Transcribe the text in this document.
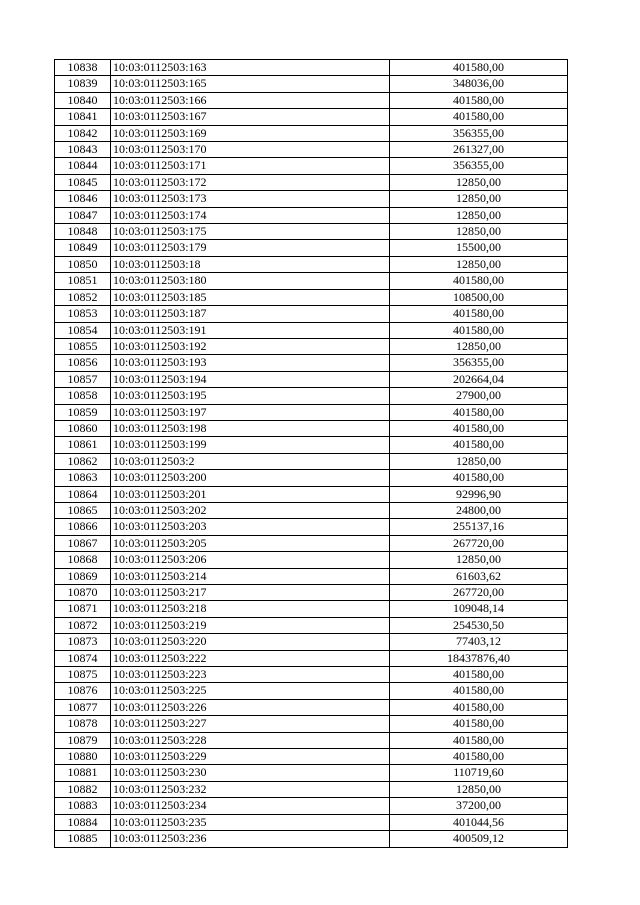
10838	10:03:0112503:163	401580,00
10839	10:03:0112503:165	348036,00
10840	10:03:0112503:166	401580,00
10841	10:03:0112503:167	401580,00
10842	10:03:0112503:169	356355,00
10843	10:03:0112503:170	261327,00
10844	10:03:0112503:171	356355,00
10845	10:03:0112503:172	12850,00
10846	10:03:0112503:173	12850,00
10847	10:03:0112503:174	12850,00
10848	10:03:0112503:175	12850,00
10849	10:03:0112503:179	15500,00
10850	10:03:0112503:18	12850,00
10851	10:03:0112503:180	401580,00
10852	10:03:0112503:185	108500,00
10853	10:03:0112503:187	401580,00
10854	10:03:0112503:191	401580,00
10855	10:03:0112503:192	12850,00
10856	10:03:0112503:193	356355,00
10857	10:03:0112503:194	202664,04
10858	10:03:0112503:195	27900,00
10859	10:03:0112503:197	401580,00
10860	10:03:0112503:198	401580,00
10861	10:03:0112503:199	401580,00
10862	10:03:0112503:2	12850,00
10863	10:03:0112503:200	401580,00
10864	10:03:0112503:201	92996,90
10865	10:03:0112503:202	24800,00
10866	10:03:0112503:203	255137,16
10867	10:03:0112503:205	267720,00
10868	10:03:0112503:206	12850,00
10869	10:03:0112503:214	61603,62
10870	10:03:0112503:217	267720,00
10871	10:03:0112503:218	109048,14
10872	10:03:0112503:219	254530,50
10873	10:03:0112503:220	77403,12
10874	10:03:0112503:222	18437876,40
10875	10:03:0112503:223	401580,00
10876	10:03:0112503:225	401580,00
10877	10:03:0112503:226	401580,00
10878	10:03:0112503:227	401580,00
10879	10:03:0112503:228	401580,00
10880	10:03:0112503:229	401580,00
10881	10:03:0112503:230	110719,60
10882	10:03:0112503:232	12850,00
10883	10:03:0112503:234	37200,00
10884	10:03:0112503:235	401044,56
10885	10:03:0112503:236	400509,12
